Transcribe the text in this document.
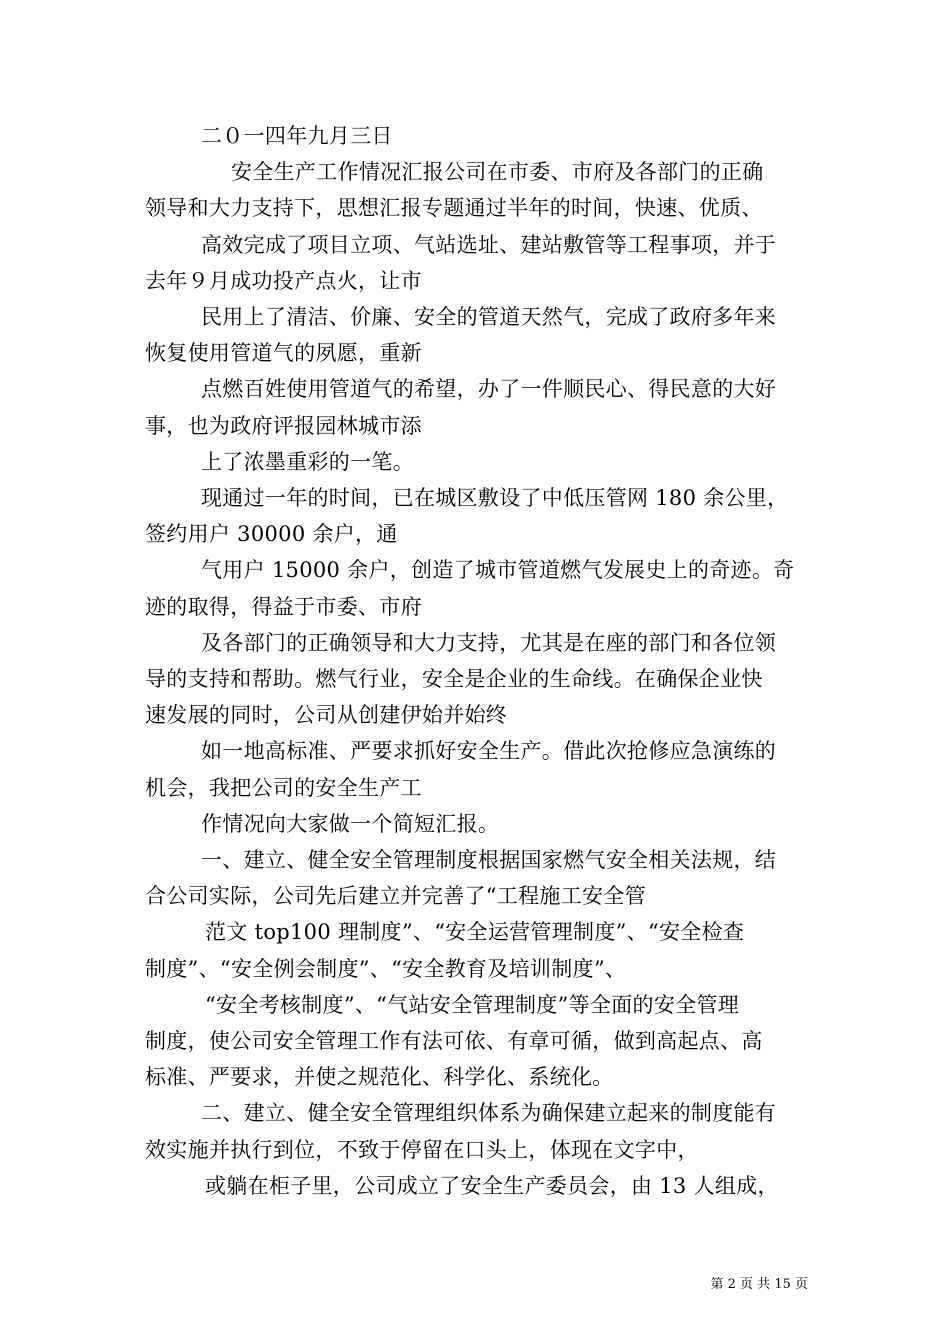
二０一四年九月三日
安全生产工作情况汇报公司在市委、市府及各部门的正确
领导和大力支持下，思想汇报专题通过半年的时间，快速、优质、
高效完成了项目立项、气站选址、建站敷管等工程事项，并于
去年９月成功投产点火，让市
民用上了清洁、价廉、安全的管道天然气，完成了政府多年来
恢复使用管道气的夙愿，重新
点燃百姓使用管道气的希望，办了一件顺民心、得民意的大好
事，也为政府评报园林城市添
上了浓墨重彩的一笔。
现通过一年的时间，已在城区敷设了中低压管网 180 余公里，
签约用户 30000 余户，通
气用户 15000 余户，创造了城市管道燃气发展史上的奇迹。奇
迹的取得，得益于市委、市府
及各部门的正确领导和大力支持，尤其是在座的部门和各位领
导的支持和帮助。燃气行业，安全是企业的生命线。在确保企业快
速发展的同时，公司从创建伊始并始终
如一地高标准、严要求抓好安全生产。借此次抢修应急演练的
机会，我把公司的安全生产工
作情况向大家做一个简短汇报。
一、建立、健全安全管理制度根据国家燃气安全相关法规，结
合公司实际，公司先后建立并完善了“工程施工安全管
范文 top100 理制度”、“安全运营管理制度”、“安全检查
制度”、“安全例会制度”、“安全教育及培训制度”、
“安全考核制度”、“气站安全管理制度”等全面的安全管理
制度，使公司安全管理工作有法可依、有章可循，做到高起点、高
标准、严要求，并使之规范化、科学化、系统化。
二、建立、健全安全管理组织体系为确保建立起来的制度能有
效实施并执行到位，不致于停留在口头上，体现在文字中，
或躺在柜子里，公司成立了安全生产委员会，由 13 人组成，
第 2 页 共 15 页
